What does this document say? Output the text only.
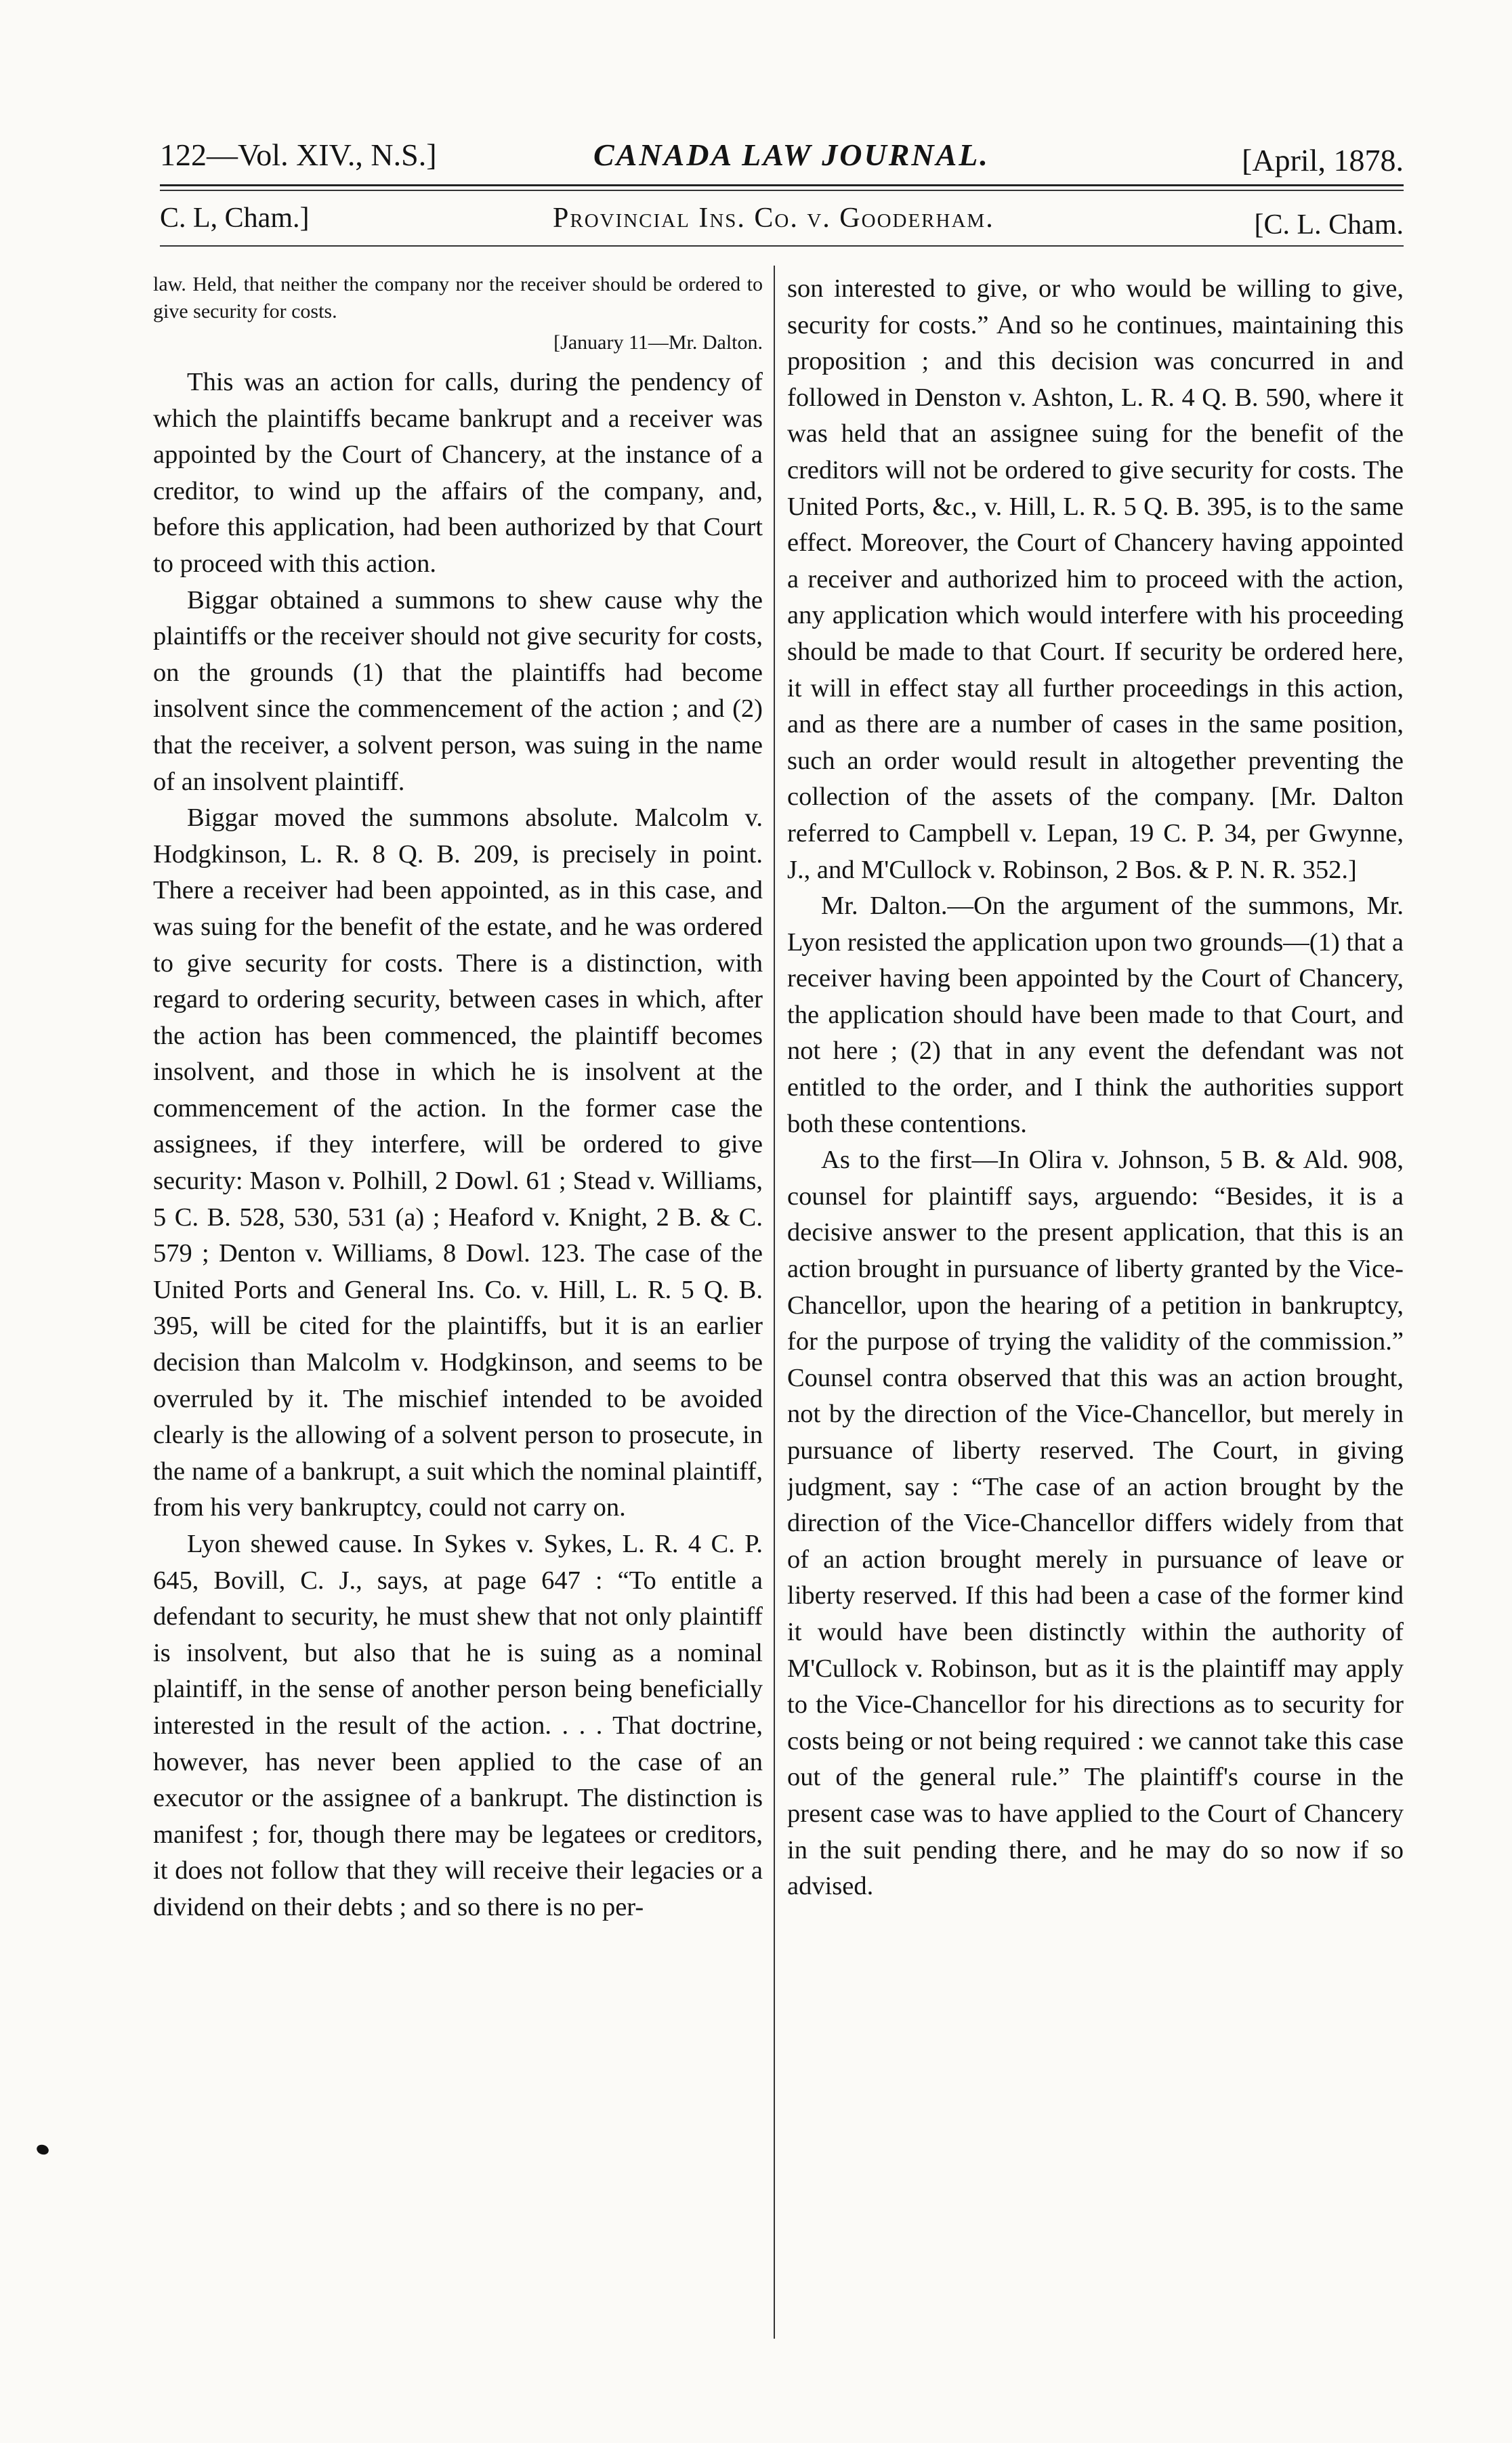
122—Vol. XIV., N.S.]	CANADA LAW JOURNAL.	[April, 1878.
C. L, Cham.]	Provincial Ins. Co. v. Gooderham.	[C. L. Cham.

law. Held, that neither the company nor the receiver should be ordered to give security for costs.

[January 11—Mr. Dalton.

This was an action for calls, during the pendency of which the plaintiffs became bankrupt and a receiver was appointed by the Court of Chancery, at the instance of a creditor, to wind up the affairs of the company, and, before this application, had been authorized by that Court to proceed with this action.

Biggar obtained a summons to shew cause why the plaintiffs or the receiver should not give security for costs, on the grounds (1) that the plaintiffs had become insolvent since the commencement of the action ; and (2) that the receiver, a solvent person, was suing in the name of an insolvent plaintiff.

Biggar moved the summons absolute. Malcolm v. Hodgkinson, L. R. 8 Q. B. 209, is precisely in point. There a receiver had been appointed, as in this case, and was suing for the benefit of the estate, and he was ordered to give security for costs. There is a distinction, with regard to ordering security, between cases in which, after the action has been commenced, the plaintiff becomes insolvent, and those in which he is insolvent at the commencement of the action. In the former case the assignees, if they interfere, will be ordered to give security: Mason v. Polhill, 2 Dowl. 61 ; Stead v. Williams, 5 C. B. 528, 530, 531 (a) ; Heaford v. Knight, 2 B. & C. 579 ; Denton v. Williams, 8 Dowl. 123. The case of the United Ports and General Ins. Co. v. Hill, L. R. 5 Q. B. 395, will be cited for the plaintiffs, but it is an earlier decision than Malcolm v. Hodgkinson, and seems to be overruled by it. The mischief intended to be avoided clearly is the allowing of a solvent person to prosecute, in the name of a bankrupt, a suit which the nominal plaintiff, from his very bankruptcy, could not carry on.

Lyon shewed cause. In Sykes v. Sykes, L. R. 4 C. P. 645, Bovill, C. J., says, at page 647 : “To entitle a defendant to security, he must shew that not only plaintiff is insolvent, but also that he is suing as a nominal plaintiff, in the sense of another person being beneficially interested in the result of the action. . . . That doctrine, however, has never been applied to the case of an executor or the assignee of a bankrupt. The distinction is manifest ; for, though there may be legatees or creditors, it does not follow that they will receive their legacies or a dividend on their debts ; and so there is no per-

son interested to give, or who would be willing to give, security for costs.” And so he continues, maintaining this proposition ; and this decision was concurred in and followed in Denston v. Ashton, L. R. 4 Q. B. 590, where it was held that an assignee suing for the benefit of the creditors will not be ordered to give security for costs. The United Ports, &c., v. Hill, L. R. 5 Q. B. 395, is to the same effect. Moreover, the Court of Chancery having appointed a receiver and authorized him to proceed with the action, any application which would interfere with his proceeding should be made to that Court. If security be ordered here, it will in effect stay all further proceedings in this action, and as there are a number of cases in the same position, such an order would result in altogether preventing the collection of the assets of the company. [Mr. Dalton referred to Campbell v. Lepan, 19 C. P. 34, per Gwynne, J., and M'Cullock v. Robinson, 2 Bos. & P. N. R. 352.]

Mr. Dalton.—On the argument of the summons, Mr. Lyon resisted the application upon two grounds—(1) that a receiver having been appointed by the Court of Chancery, the application should have been made to that Court, and not here ; (2) that in any event the defendant was not entitled to the order, and I think the authorities support both these contentions.

As to the first—In Olira v. Johnson, 5 B. & Ald. 908, counsel for plaintiff says, arguendo: “Besides, it is a decisive answer to the present application, that this is an action brought in pursuance of liberty granted by the Vice-Chancellor, upon the hearing of a petition in bankruptcy, for the purpose of trying the validity of the commission.” Counsel contra observed that this was an action brought, not by the direction of the Vice-Chancellor, but merely in pursuance of liberty reserved. The Court, in giving judgment, say : “The case of an action brought by the direction of the Vice-Chancellor differs widely from that of an action brought merely in pursuance of leave or liberty reserved. If this had been a case of the former kind it would have been distinctly within the authority of M'Cullock v. Robinson, but as it is the plaintiff may apply to the Vice-Chancellor for his directions as to security for costs being or not being required : we cannot take this case out of the general rule.” The plaintiff's course in the present case was to have applied to the Court of Chancery in the suit pending there, and he may do so now if so advised.
